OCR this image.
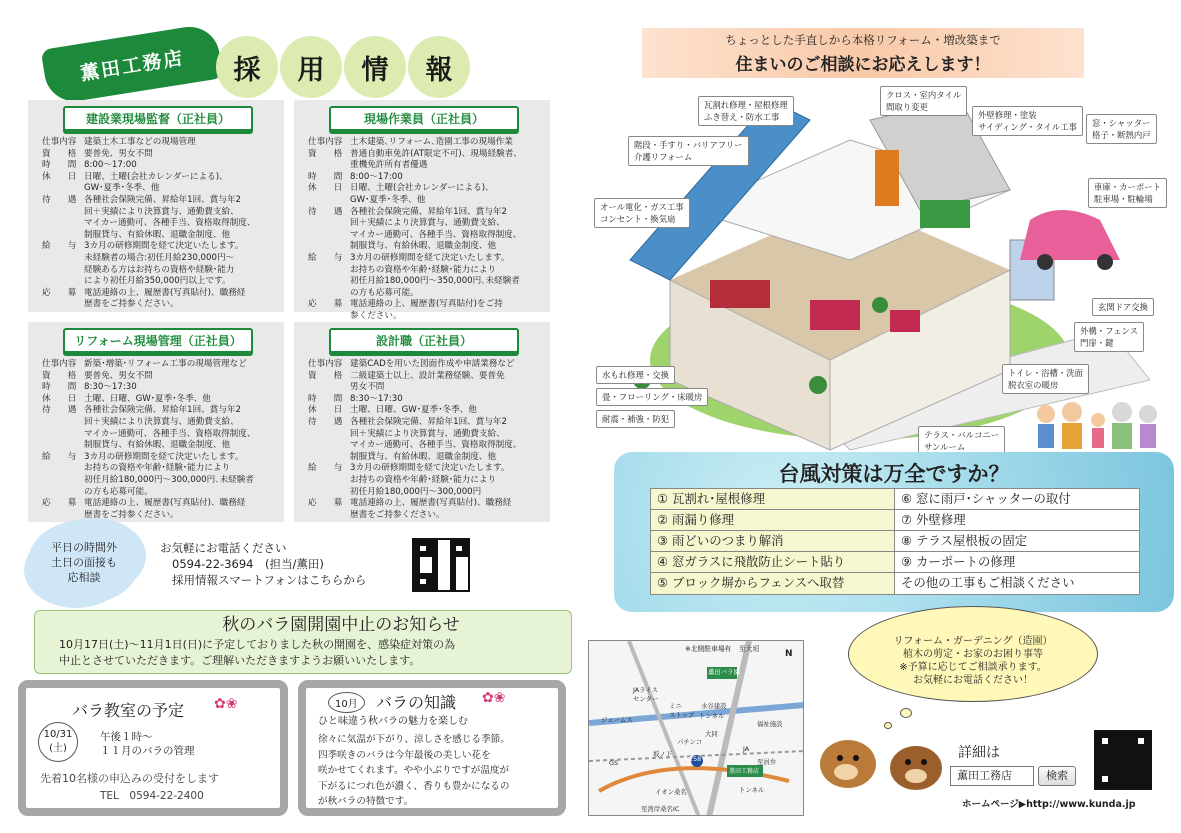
薫田工務店	採	用	情	報
建設業現場監督（正社員）
仕事内容 建築土木工事などの現場管理
資　　格 要普免、男女不問
時　　間 8:00～17:00
休　　日 日曜、土曜(会社カレンダーによる)、
GW･夏季･冬季、他
待　　遇 各種社会保険完備、昇給年1回、賞与年2
回＋実績により決算賞与、通勤費支給、
マイカー通勤可、各種手当、資格取得制度、
制服貸与、有給休暇、退職金制度、他
給　　与 3カ月の研修期間を経て決定いたします。
未経験者の場合:初任月給230,000円～
経験ある方はお持ちの資格や経験･能力
により初任月給350,000円以上です。
応　　募 電話連絡の上、履歴書(写真貼付)、職務経
歴書をご持参ください。
現場作業員（正社員）
仕事内容 土木建築､リフォーム､造園工事の現場作業
資　　格 普通自動車免許(AT限定不可)、現場経験者、
重機免許所有者優遇
時　　間 8:00～17:00
休　　日 日曜、土曜(会社カレンダーによる)、
GW･夏季･冬季、他
待　　遇 各種社会保険完備、昇給年1回、賞与年2
回＋実績により決算賞与、通勤費支給、
マイカー通勤可、各種手当、資格取得制度、
制服貸与、有給休暇、退職金制度、他
給　　与 3カ月の研修期間を経て決定いたします。
お持ちの資格や年齢･経験･能力により
初任月給180,000円～350,000円､未経験者
の方も応募可能。
応　　募 電話連絡の上、履歴書(写真貼付)をご持
参ください。
リフォーム現場管理（正社員）
仕事内容 新築･増築･リフォーム工事の現場管理など
資　　格 要普免、男女不問
時　　間 8:30～17:30
休　　日 土曜、日曜、GW･夏季･冬季、他
待　　遇 各種社会保険完備、昇給年1回、賞与年2
回＋実績により決算賞与、通勤費支給、
マイカー通勤可、各種手当、資格取得制度、
制服貸与、有給休暇、退職金制度、他
給　　与 3カ月の研修期間を経て決定いたします。
お持ちの資格や年齢･経験･能力により
初任月給180,000円～300,000円､未経験者
の方も応募可能。
応　　募 電話連絡の上、履歴書(写真貼付)、職務経
歴書をご持参ください。
設計職（正社員）
仕事内容 建築CADを用いた図面作成や申請業務など
資　　格 二級建築士以上、設計業務経験、要普免
男女不問
時　　間 8:30～17:30
休　　日 土曜、日曜、GW･夏季･冬季、他
待　　遇 各種社会保険完備、昇給年1回、賞与年2
回＋実績により決算賞与、通勤費支給、
マイカー通勤可、各種手当、資格取得制度、
制服貸与、有給休暇、退職金制度、他
給　　与 3カ月の研修期間を経て決定いたします。
お持ちの資格や年齢･経験･能力により
初任月給180,000円～300,000円
応　　募 電話連絡の上、履歴書(写真貼付)、職務経
歴書をご持参ください。
平日の時間外
土日の面接も
応相談
お気軽にお電話ください
0594-22-3694　(担当/薫田)
採用情報スマートフォンはこちらから
秋のバラ園開園中止のお知らせ
10月17日(土)～11月1日(日)に予定しておりました秋の開園を、感染症対策の為
中止とさせていただきます。ご理解いただきますようお願いいたします。
バラ教室の予定 ✿❀
10/31
(土)
午後１時～
１１月のバラの管理
先着10名様の申込みの受付をします
TEL　0594-22-2400
10月	バラの知識 ✿❀
ひと味違う秋バラの魅力を楽しむ
徐々に気温が下がり、涼しさを感じる季節。
四季咲きのバラは今年最後の美しい花を
咲かせてくれます。やや小ぶりですが温度が
下がるにつれ色が濃く、香りも豊かになるの
が秋バラの特徴です。
ちょっとした手直しから本格リフォーム・増改築まで
住まいのご相談にお応えします！
瓦割れ修理・屋根修理
ふき替え・防水工事
クロス・室内タイル
間取り変更
外壁修理・塗装
サイディング・タイル工事	窓・シャッター
格子・断熱内戸
階段・手すり・バリアフリー
介護リフォーム
車庫・カーポート
駐車場・駐輪場
オール電化・ガス工事
コンセント・換気扇
玄関ドア交換
外構・フェンス
門扉・鍵
トイレ・浴槽・洗面
脱衣室の暖房
水もれ修理・交換
畳・フローリング・床暖房
耐震・補強・防犯
テラス・バルコニー
サンルーム
台風対策は万全ですか？
① 瓦割れ･屋根修理	⑥ 窓に雨戸･シャッターの取付
② 雨漏り修理	⑦ 外壁修理
③ 雨どいのつまり解消	⑧ テラス屋根板の固定
④ 窓ガラスに飛散防止シート貼り	⑨ カーポートの修理
⑤ ブロック塀からフェンスへ取替	その他の工事もご相談ください
※北側駐車場有 至大垣
薫田バラ園
JAライス
センター
ミニ
ストップ
水谷建設
トンネル
ジェームス	福祉施設
大同
JA
坂ノ下
パチンコ
至員弁
258
GS
薫田工務店
トンネル
イオン桑名
至湾岸桑名IC
N
リフォーム・ガーデニング（造園）
植木の剪定・お家のお困り事等
※予算に応じてご相談承ります。
お気軽にお電話ください！
詳細は
薫田工務店	検索
ホームページ▶http://www.kunda.jp
